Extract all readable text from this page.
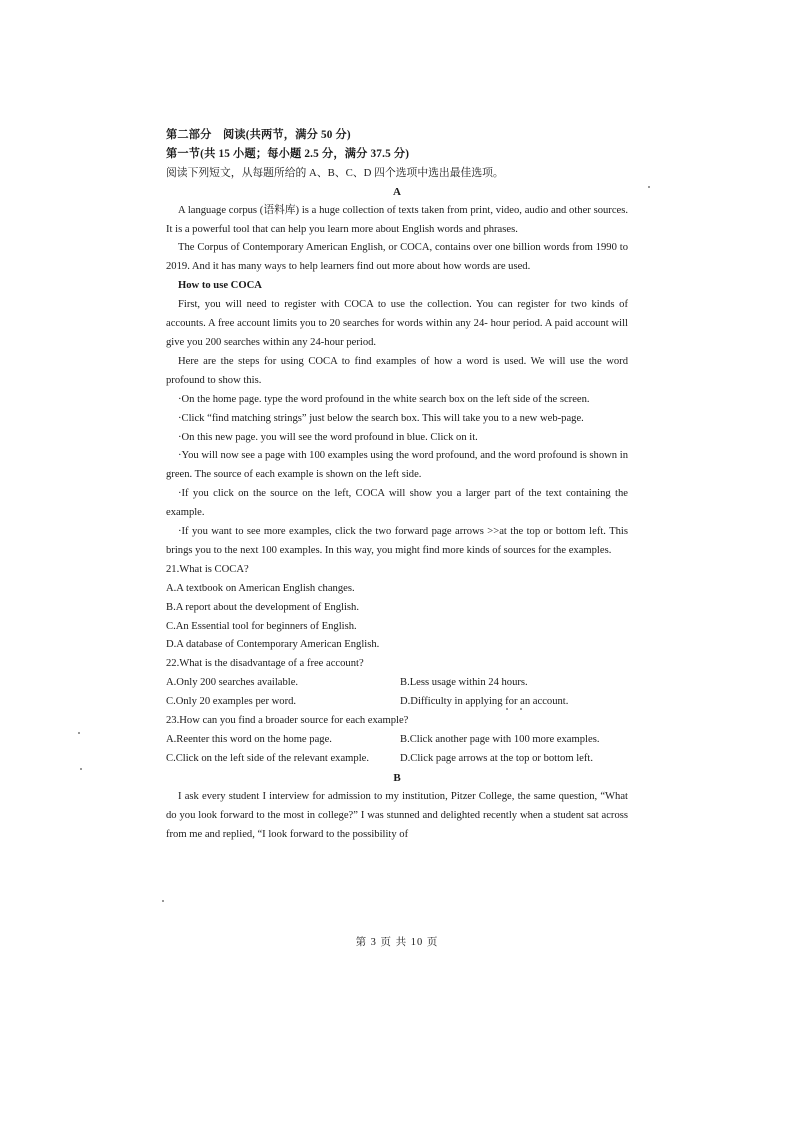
第二部分　阅读(共两节，满分 50 分)
第一节(共 15 小题；每小题 2.5 分，满分 37.5 分)
阅读下列短文，从每题所给的 A、B、C、D 四个选项中选出最佳选项。
A

A language corpus (语料库) is a huge collection of texts taken from print, video, audio and other sources. It is a powerful tool that can help you learn more about English words and phrases.

The Corpus of Contemporary American English, or COCA, contains over one billion words from 1990 to 2019. And it has many ways to help learners find out more about how words are used.

How to use COCA

First, you will need to register with COCA to use the collection. You can register for two kinds of accounts. A free account limits you to 20 searches for words within any 24- hour period. A paid account will give you 200 searches within any 24-hour period.

Here are the steps for using COCA to find examples of how a word is used. We will use the word profound to show this.

·On the home page. type the word profound in the white search box on the left side of the screen.

·Click “find matching strings” just below the search box. This will take you to a new web-page.

·On this new page. you will see the word profound in blue. Click on it.

·You will now see a page with 100 examples using the word profound, and the word profound is shown in green. The source of each example is shown on the left side.

·If you click on the source on the left, COCA will show you a larger part of the text containing the example.

·If you want to see more examples, click the two forward page arrows >>at the top or bottom left. This brings you to the next 100 examples. In this way, you might find more kinds of sources for the examples.

21.What is COCA?
A.A textbook on American English changes.
B.A report about the development of English.
C.An Essential tool for beginners of English.
D.A database of Contemporary American English.
22.What is the disadvantage of a free account?
A.Only 200 searches available.	B.Less usage within 24 hours.
C.Only 20 examples per word.	D.Difficulty in applying for an account.
23.How can you find a broader source for each example?
A.Reenter this word on the home page.	B.Click another page with 100 more examples.
C.Click on the left side of the relevant example.	D.Click page arrows at the top or bottom left.
B

I ask every student I interview for admission to my institution, Pitzer College, the same question, “What do you look forward to the most in college?” I was stunned and delighted recently when a student sat across from me and replied, “I look forward to the possibility of

第 3 页 共 10 页
